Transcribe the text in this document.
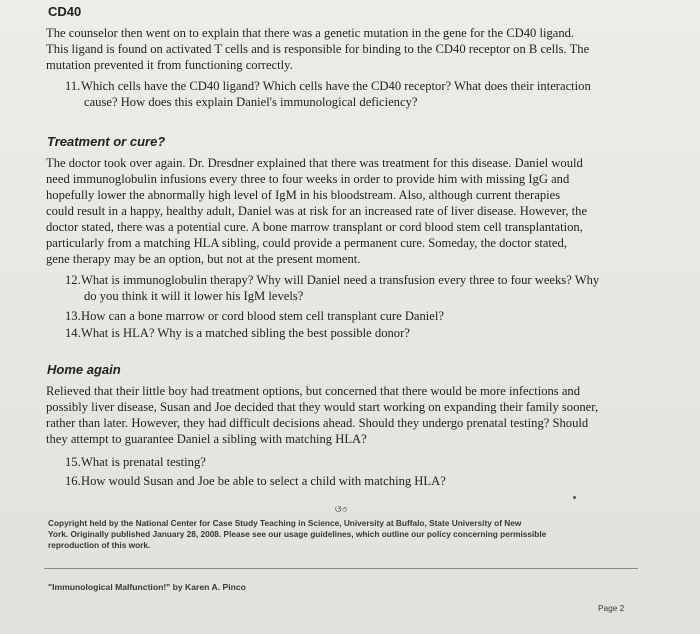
CD40
The counselor then went on to explain that there was a genetic mutation in the gene for the CD40 ligand.
This ligand is found on activated T cells and is responsible for binding to the CD40 receptor on B cells. The
mutation prevented it from functioning correctly.
11.Which cells have the CD40 ligand? Which cells have the CD40 receptor? What does their interaction
cause? How does this explain Daniel's immunological deficiency?
Treatment or cure?
The doctor took over again. Dr. Dresdner explained that there was treatment for this disease. Daniel would
need immunoglobulin infusions every three to four weeks in order to provide him with missing IgG and
hopefully lower the abnormally high level of IgM in his bloodstream. Also, although current therapies
could result in a happy, healthy adult, Daniel was at risk for an increased rate of liver disease. However, the
doctor stated, there was a potential cure. A bone marrow transplant or cord blood stem cell transplantation,
particularly from a matching HLA sibling, could provide a permanent cure. Someday, the doctor stated,
gene therapy may be an option, but not at the present moment.
12.What is immunoglobulin therapy? Why will Daniel need a transfusion every three to four weeks? Why
do you think it will it lower his IgM levels?
13.How can a bone marrow or cord blood stem cell transplant cure Daniel?
14.What is HLA? Why is a matched sibling the best possible donor?
Home again
Relieved that their little boy had treatment options, but concerned that there would be more infections and
possibly liver disease, Susan and Joe decided that they would start working on expanding their family sooner,
rather than later. However, they had difficult decisions ahead. Should they undergo prenatal testing? Should
they attempt to guarantee Daniel a sibling with matching HLA?
15.What is prenatal testing?
16.How would Susan and Joe be able to select a child with matching HLA?
ଓ৩
Copyright held by the National Center for Case Study Teaching in Science, University at Buffalo, State University of New
York. Originally published January 28, 2008. Please see our usage guidelines, which outline our policy concerning permissible
reproduction of this work.
"Immunological Malfunction!" by Karen A. Pinco
Page 2
